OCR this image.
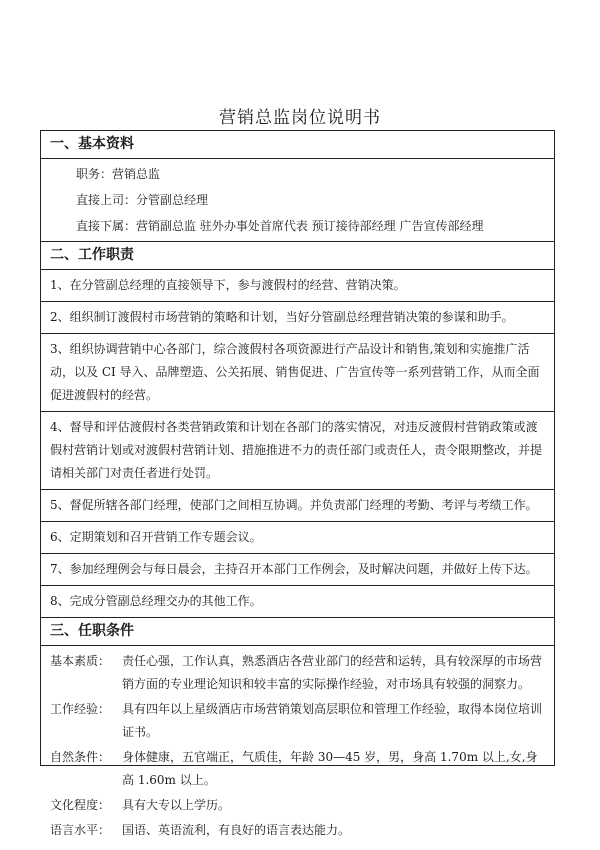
营销总监岗位说明书
一、基本资料
职务：营销总监
直接上司：分管副总经理
直接下属：营销副总监 驻外办事处首席代表 预订接待部经理 广告宣传部经理
二、工作职责
1、在分管副总经理的直接领导下，参与渡假村的经营、营销决策。
2、组织制订渡假村市场营销的策略和计划，当好分管副总经理营销决策的参谋和助手。
3、组织协调营销中心各部门，综合渡假村各项资源进行产品设计和销售,策划和实施推广活动，以及 CI 导入、品牌塑造、公关拓展、销售促进、广告宣传等一系列营销工作，从而全面促进渡假村的经营。
4、督导和评估渡假村各类营销政策和计划在各部门的落实情况，对违反渡假村营销政策或渡假村营销计划或对渡假村营销计划、措施推进不力的责任部门或责任人，责令限期整改，并提请相关部门对责任者进行处罚。
5、督促所辖各部门经理，使部门之间相互协调。并负责部门经理的考勤、考评与考绩工作。
6、定期策划和召开营销工作专题会议。
7、参加经理例会与每日晨会，主持召开本部门工作例会，及时解决问题，并做好上传下达。
8、完成分管副总经理交办的其他工作。
三、任职条件
基本素质： 责任心强，工作认真，熟悉酒店各营业部门的经营和运转，具有较深厚的市场营销方面的专业理论知识和较丰富的实际操作经验，对市场具有较强的洞察力。
工作经验： 具有四年以上星级酒店市场营销策划高层职位和管理工作经验，取得本岗位培训证书。
自然条件： 身体健康，五官端正，气质佳，年龄 30—45 岁，男，身高 1.70m 以上,女,身高 1.60m 以上。
文化程度： 具有大专以上学历。
语言水平： 国语、英语流利，有良好的语言表达能力。
